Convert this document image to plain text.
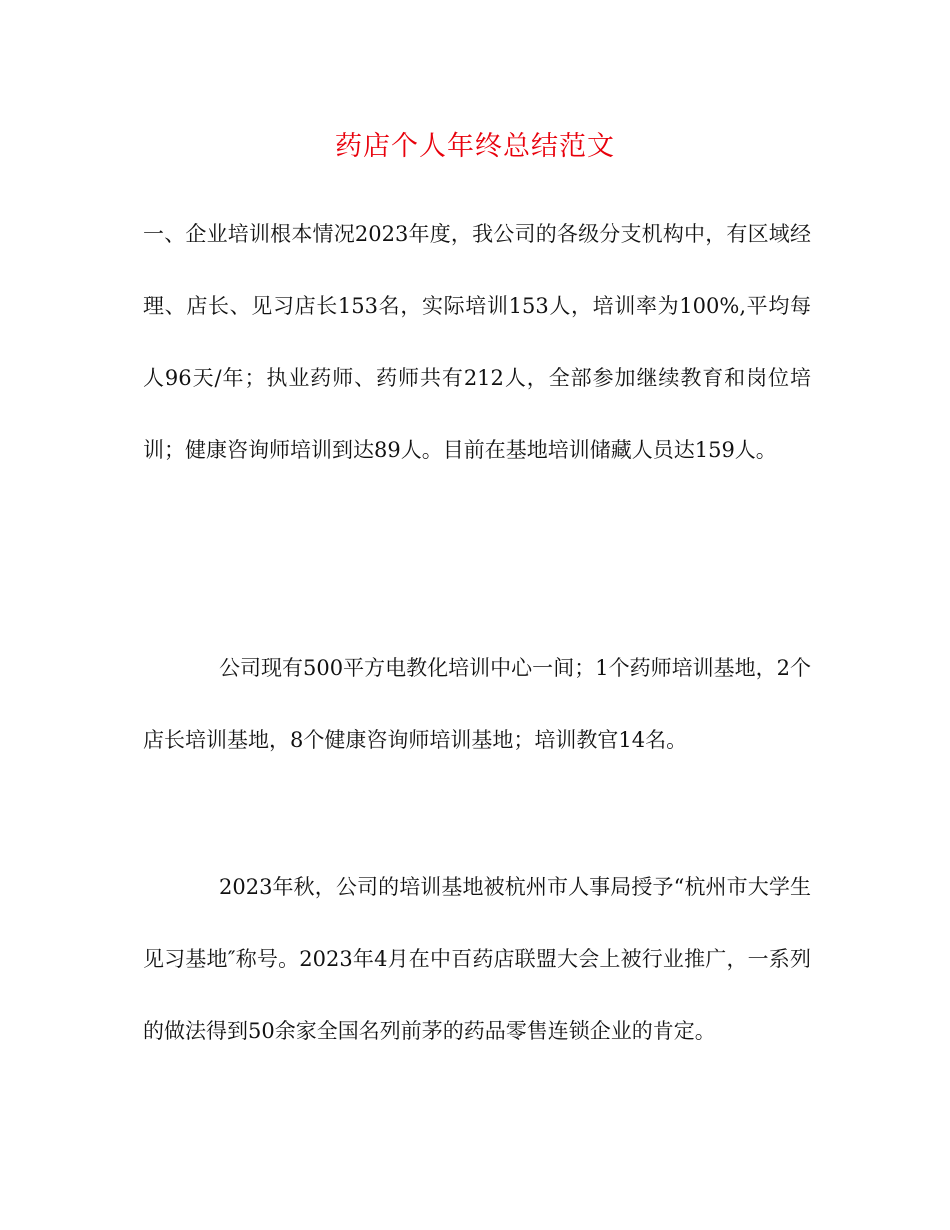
药店个人年终总结范文

一、企业培训根本情况2023年度，我公司的各级分支机构中，有区域经理、店长、见习店长153名，实际培训153人，培训率为100%,平均每人96天/年；执业药师、药师共有212人，全部参加继续教育和岗位培训；健康咨询师培训到达89人。目前在基地培训储藏人员达159人。

公司现有500平方电教化培训中心一间；1个药师培训基地，2个店长培训基地，8个健康咨询师培训基地；培训教官14名。

2023年秋，公司的培训基地被杭州市人事局授予“杭州市大学生见习基地″称号。2023年4月在中百药店联盟大会上被行业推广，一系列的做法得到50余家全国名列前茅的药品零售连锁企业的肯定。
